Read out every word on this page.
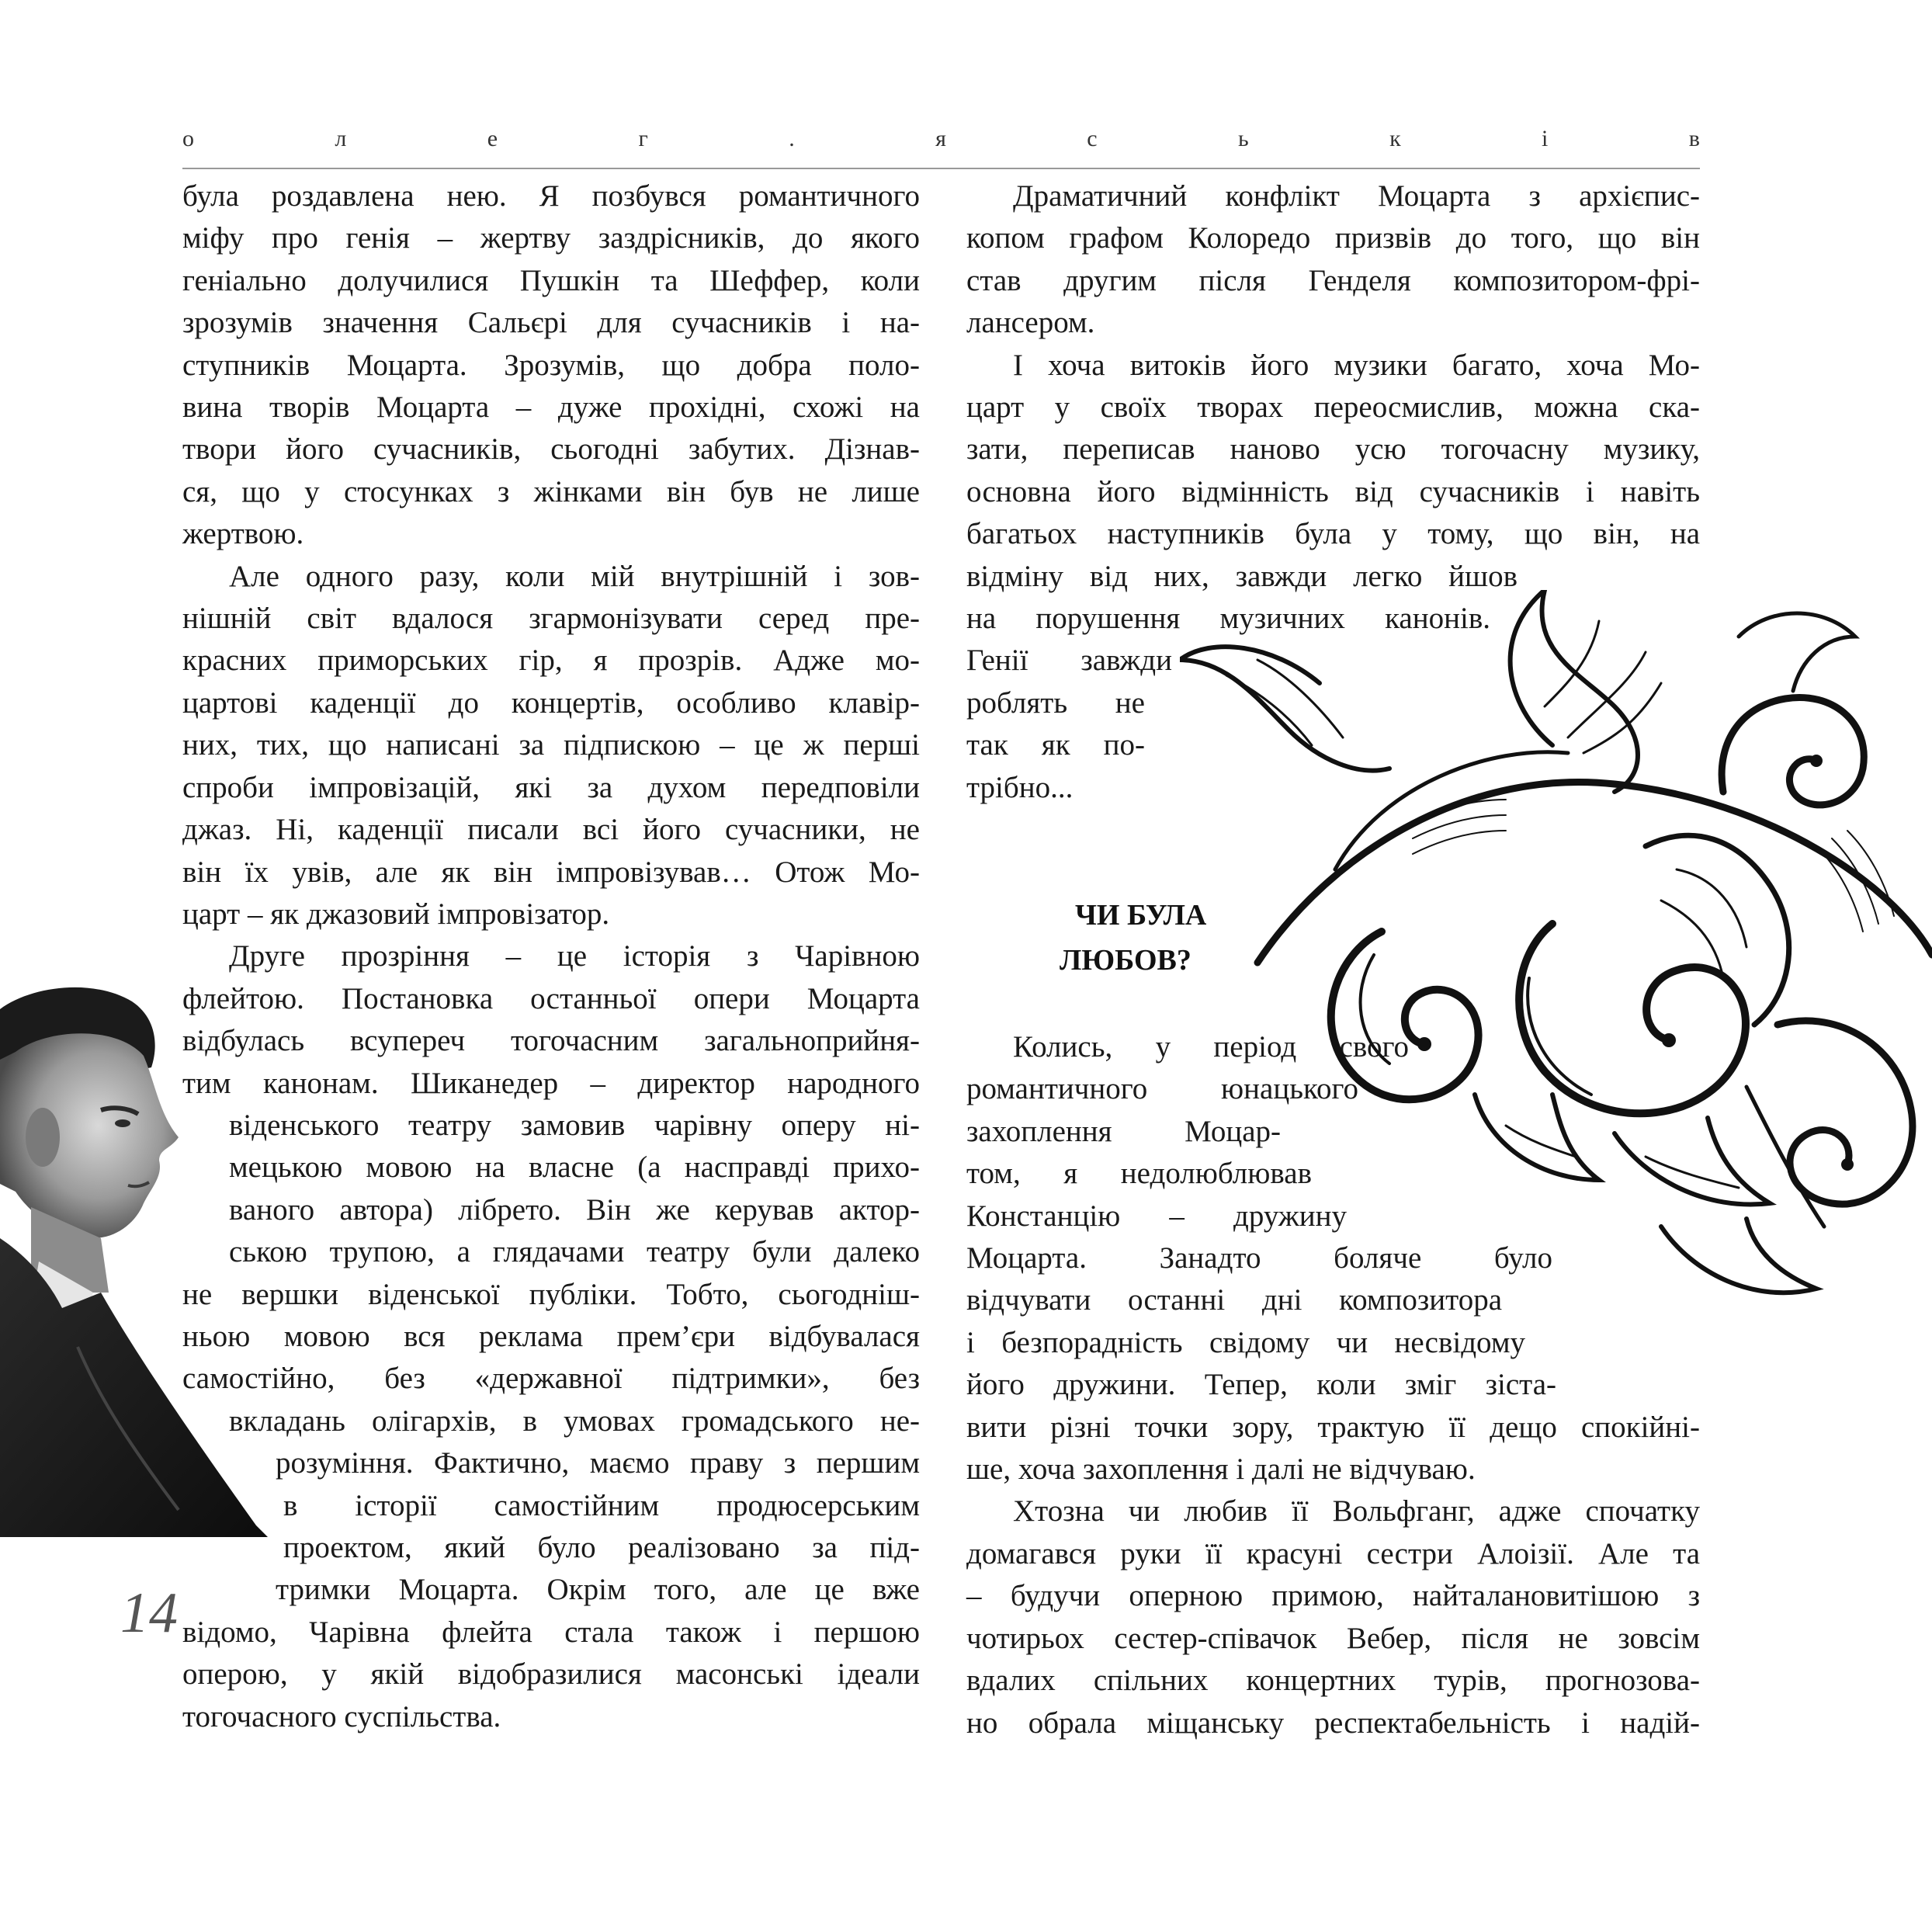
о	л	е	г	.	я	с	ь	к	і	в
була роздавлена нею. Я позбувся романтичного
міфу про генія – жертву заздрісників, до якого
геніально долучилися Пушкін та Шеффер, коли
зрозумів значення Сальєрі для сучасників і на-
ступників Моцарта. Зрозумів, що добра поло-
вина творів Моцарта – дуже прохідні, схожі на
твори його сучасників, сьогодні забутих. Дізнав-
ся, що у стосунках з жінками він був не лише
жертвою.
Але одного разу, коли мій внутрішній і зов-
нішній світ вдалося згармонізувати серед пре-
красних приморських гір, я прозрів. Адже мо-
цартові каденції до концертів, особливо клавір-
них, тих, що написані за підпискою – це ж перші
спроби імпровізацій, які за духом передповіли
джаз. Ні, каденції писали всі його сучасники, не
він їх увів, але як він імпровізував… Отож Мо-
царт – як джазовий імпровізатор.
Друге прозріння – це історія з Чарівною
флейтою. Постановка останньої опери Моцарта
відбулась всупереч тогочасним загальноприйня-
тим канонам. Шиканедер – директор народного
віденського театру замовив чарівну оперу ні-
мецькою мовою на власне (а насправді прихо-
ваного автора) лібрето. Він же керував актор-
ською трупою, а глядачами театру були далеко
не вершки віденської публіки. Тобто, сьогоднiш-
ньою мовою вся реклама прем’єри відбувалася
самостійно, без «державної підтримки», без
вкладань олігархів, в умовах громадського не-
розуміння. Фактично, маємо праву з першим
в історії самостійним продюсерським
проектом, який було реалізовано за під-
тримки Моцарта. Окрім того, але це вже
відомо, Чарівна флейта стала також і першою
оперою, у якій відобразилися масонські ідеали
тогочасного суспільства.
Драматичний конфлікт Моцарта з архієпис-
копом графом Колоредо призвів до того, що він
став другим після Генделя композитором-фрі-
лансером.
І хоча витоків його музики багато, хоча Мо-
царт у своїх творах переосмислив, можна ска-
зати, переписав наново усю тогочасну музику,
основна його відмінність від сучасників і навіть
багатьох наступників була у тому, що він, на
відміну від них, завжди легко йшов
на порушення музичних канонів.
Генії завжди
роблять не
так як по-
трібно...
ЧИ БУЛА
ЛЮБОВ?
Колись, у період свого
романтичного юнацького
захоплення Моцар-
том, я недолюблював
Констанцію – дружину
Моцарта. Занадто боляче було
відчувати останні дні композитора
і безпорадність свідому чи несвідому
його дружини. Тепер, коли зміг зіста-
вити різні точки зору, трактую її дещо спокійні-
ше, хоча захоплення і далі не відчуваю.
Хтозна чи любив її Вольфганг, адже спочатку
домагався руки її красуні сестри Алоізії. Але та
– будучи оперною примою, найталановитішою з
чотирьох сестер-співачок Вебер, після не зовсім
вдалих спільних концертних турів, прогнозова-
но обрала міщанську респектабельність і надій-
14
